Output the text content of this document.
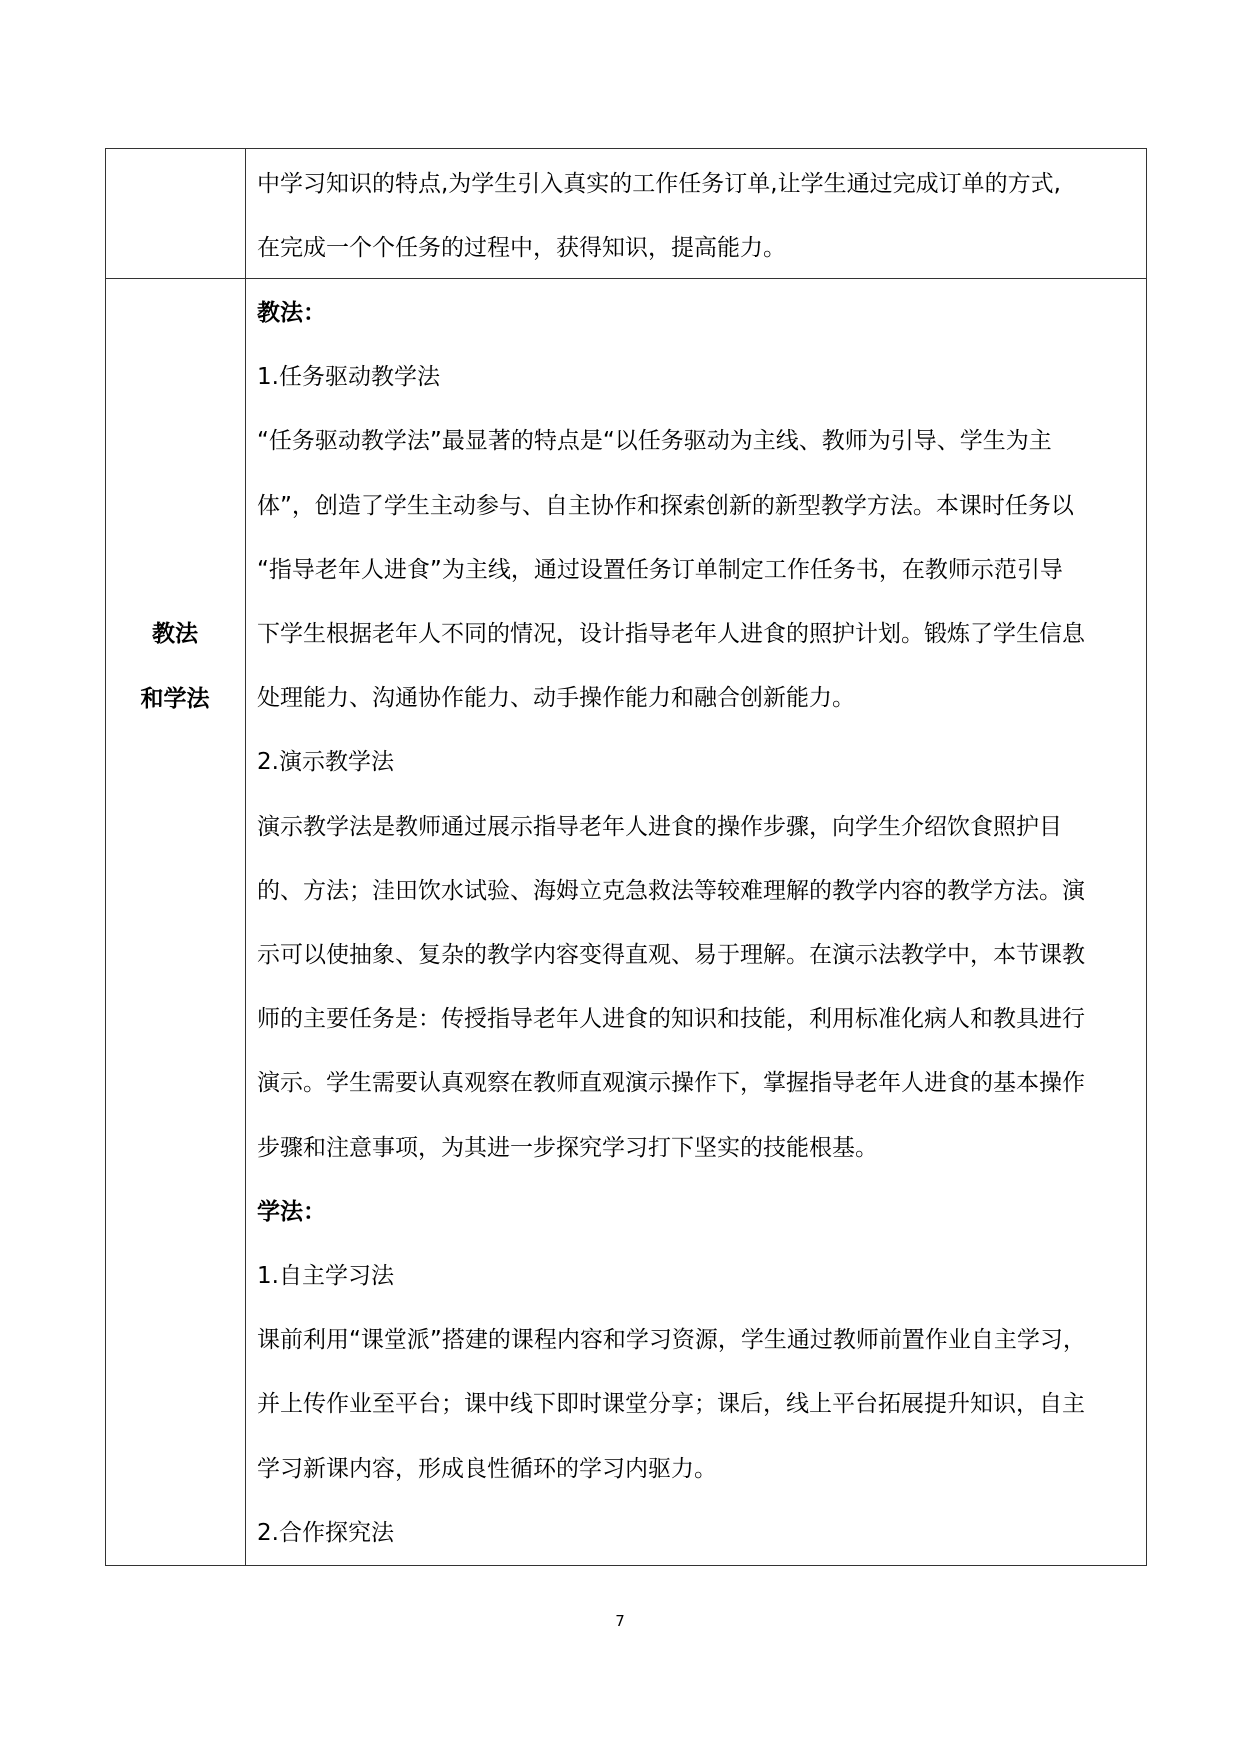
中学习知识的特点,为学生引入真实的工作任务订单,让学生通过完成订单的方式,
在完成一个个任务的过程中，获得知识，提高能力。
教法：
1.任务驱动教学法
“任务驱动教学法”最显著的特点是“以任务驱动为主线、教师为引导、学生为主
体”，创造了学生主动参与、自主协作和探索创新的新型教学方法。本课时任务以
“指导老年人进食”为主线，通过设置任务订单制定工作任务书，在教师示范引导
下学生根据老年人不同的情况，设计指导老年人进食的照护计划。锻炼了学生信息
处理能力、沟通协作能力、动手操作能力和融合创新能力。
2.演示教学法
演示教学法是教师通过展示指导老年人进食的操作步骤，向学生介绍饮食照护目
的、方法；洼田饮水试验、海姆立克急救法等较难理解的教学内容的教学方法。演
示可以使抽象、复杂的教学内容变得直观、易于理解。在演示法教学中，本节课教
师的主要任务是：传授指导老年人进食的知识和技能，利用标准化病人和教具进行
演示。学生需要认真观察在教师直观演示操作下，掌握指导老年人进食的基本操作
步骤和注意事项，为其进一步探究学习打下坚实的技能根基。
学法：
1.自主学习法
课前利用“课堂派”搭建的课程内容和学习资源，学生通过教师前置作业自主学习，
并上传作业至平台；课中线下即时课堂分享；课后，线上平台拓展提升知识，自主
学习新课内容，形成良性循环的学习内驱力。
2.合作探究法
教法
和学法
7
